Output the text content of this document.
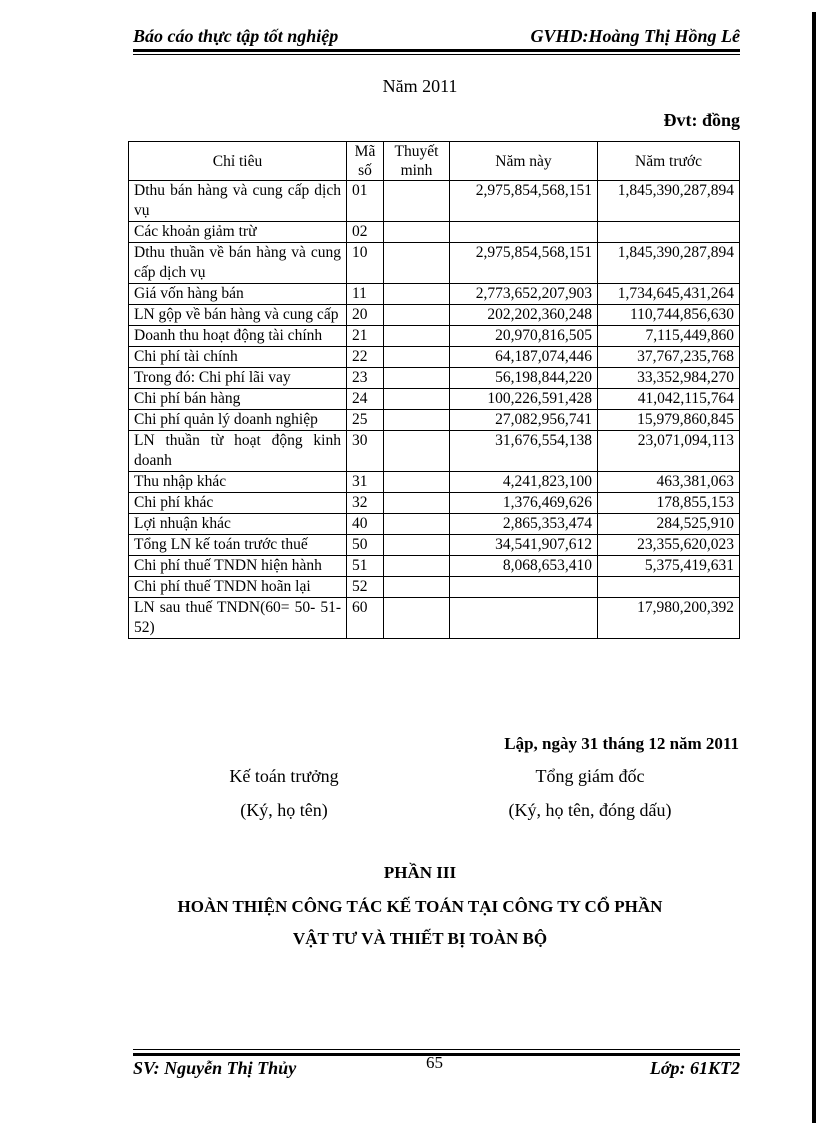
Báo cáo thực tập tốt nghiệp	GVHD:Hoàng Thị Hồng Lê
Năm 2011
Đvt: đồng
Chỉ tiêu	Mã số	Thuyết minh	Năm này	Năm trước
Dthu bán hàng và cung cấp dịch vụ	01		2,975,854,568,151	1,845,390,287,894
Các khoản giảm trừ	02			
Dthu thuần về bán hàng và cung cấp dịch vụ	10		2,975,854,568,151	1,845,390,287,894
Giá vốn hàng bán	11		2,773,652,207,903	1,734,645,431,264
LN gộp về bán hàng và cung cấp	20		202,202,360,248	110,744,856,630
Doanh thu hoạt động tài chính	21		20,970,816,505	7,115,449,860
Chi phí tài chính	22		64,187,074,446	37,767,235,768
Trong đó: Chi phí lãi vay	23		56,198,844,220	33,352,984,270
Chi phí bán hàng	24		100,226,591,428	41,042,115,764
Chi phí quản lý doanh nghiệp	25		27,082,956,741	15,979,860,845
LN thuần từ hoạt động kinh doanh	30		31,676,554,138	23,071,094,113
Thu nhập khác	31		4,241,823,100	463,381,063
Chi phí khác	32		1,376,469,626	178,855,153
Lợi nhuận khác	40		2,865,353,474	284,525,910
Tổng LN kế toán trước thuế	50		34,541,907,612	23,355,620,023
Chi phí thuế TNDN hiện hành	51		8,068,653,410	5,375,419,631
Chi phí thuế TNDN hoãn lại	52			
LN sau thuế TNDN(60= 50- 51- 52)	60			17,980,200,392
Lập, ngày 31 tháng 12 năm 2011
Kế toán trưởng
(Ký, họ tên)
Tổng giám đốc
(Ký, họ tên, đóng dấu)
PHẦN III
HOÀN THIỆN CÔNG TÁC KẾ TOÁN TẠI CÔNG TY CỔ PHẦN
VẬT TƯ VÀ THIẾT BỊ TOÀN BỘ
SV: Nguyễn Thị Thủy	65	Lớp: 61KT2
